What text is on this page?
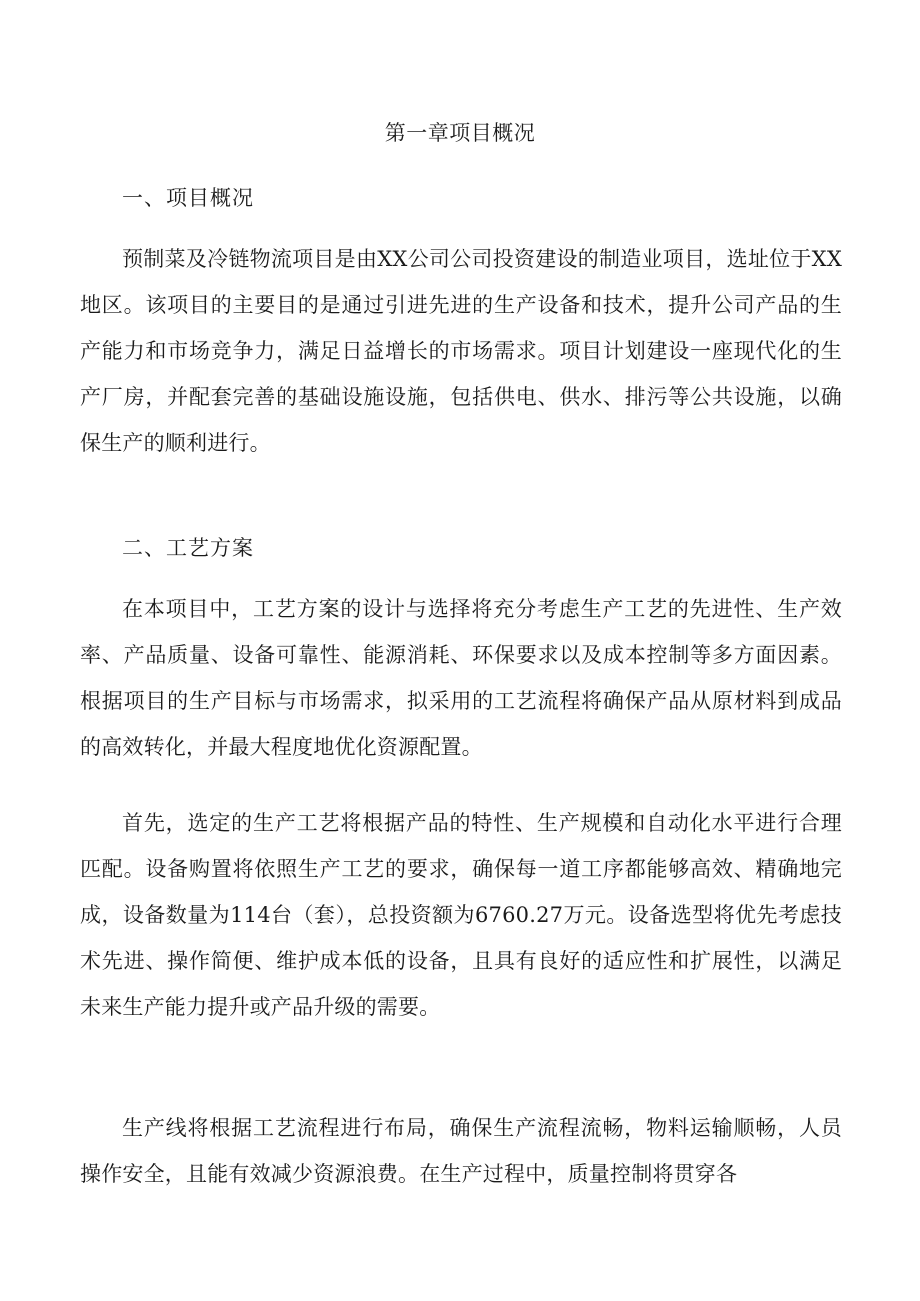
第一章项目概况
一、项目概况

预制菜及冷链物流项目是由XX公司公司投资建设的制造业项目，选址位于XX地区。该项目的主要目的是通过引进先进的生产设备和技术，提升公司产品的生产能力和市场竞争力，满足日益增长的市场需求。项目计划建设一座现代化的生产厂房，并配套完善的基础设施设施，包括供电、供水、排污等公共设施，以确保生产的顺利进行。

二、工艺方案

在本项目中，工艺方案的设计与选择将充分考虑生产工艺的先进性、生产效率、产品质量、设备可靠性、能源消耗、环保要求以及成本控制等多方面因素。根据项目的生产目标与市场需求，拟采用的工艺流程将确保产品从原材料到成品的高效转化，并最大程度地优化资源配置。

首先，选定的生产工艺将根据产品的特性、生产规模和自动化水平进行合理匹配。设备购置将依照生产工艺的要求，确保每一道工序都能够高效、精确地完成，设备数量为114台（套），总投资额为6760.27万元。设备选型将优先考虑技术先进、操作简便、维护成本低的设备，且具有良好的适应性和扩展性，以满足未来生产能力提升或产品升级的需要。

生产线将根据工艺流程进行布局，确保生产流程流畅，物料运输顺畅，人员操作安全，且能有效减少资源浪费。在生产过程中，质量控制将贯穿各
